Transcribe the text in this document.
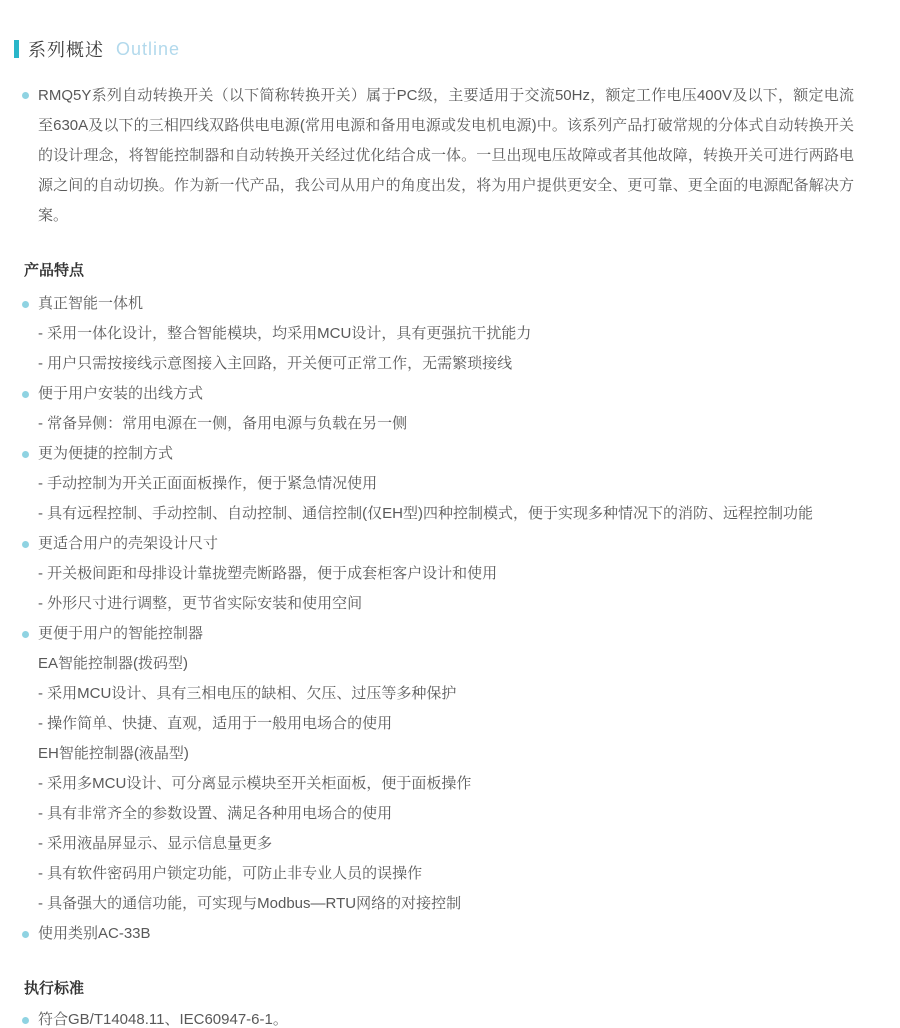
系列概述 Outline
RMQ5Y系列自动转换开关（以下简称转换开关）属于PC级，主要适用于交流50Hz，额定工作电压400V及以下，额定电流至630A及以下的三相四线双路供电电源(常用电源和备用电源或发电机电源)中。该系列产品打破常规的分体式自动转换开关的设计理念，将智能控制器和自动转换开关经过优化结合成一体。一旦出现电压故障或者其他故障，转换开关可进行两路电源之间的自动切换。作为新一代产品，我公司从用户的角度出发，将为用户提供更安全、更可靠、更全面的电源配备解决方案。
产品特点
真正智能一体机
- 采用一体化设计，整合智能模块，均采用MCU设计，具有更强抗干扰能力
- 用户只需按接线示意图接入主回路，开关便可正常工作，无需繁琐接线
便于用户安装的出线方式
- 常备异侧：常用电源在一侧，备用电源与负载在另一侧
更为便捷的控制方式
- 手动控制为开关正面面板操作，便于紧急情况使用
- 具有远程控制、手动控制、自动控制、通信控制(仅EH型)四种控制模式，便于实现多种情况下的消防、远程控制功能
更适合用户的壳架设计尺寸
- 开关极间距和母排设计靠拢塑壳断路器，便于成套柜客户设计和使用
- 外形尺寸进行调整，更节省实际安装和使用空间
更便于用户的智能控制器
EA智能控制器(拨码型)
- 采用MCU设计、具有三相电压的缺相、欠压、过压等多种保护
- 操作简单、快捷、直观，适用于一般用电场合的使用
EH智能控制器(液晶型)
- 采用多MCU设计、可分离显示模块至开关柜面板，便于面板操作
- 具有非常齐全的参数设置、满足各种用电场合的使用
- 采用液晶屏显示、显示信息量更多
- 具有软件密码用户锁定功能，可防止非专业人员的误操作
- 具备强大的通信功能，可实现与Modbus—RTU网络的对接控制
使用类别AC-33B
执行标准
符合GB/T14048.11、IEC60947-6-1。
